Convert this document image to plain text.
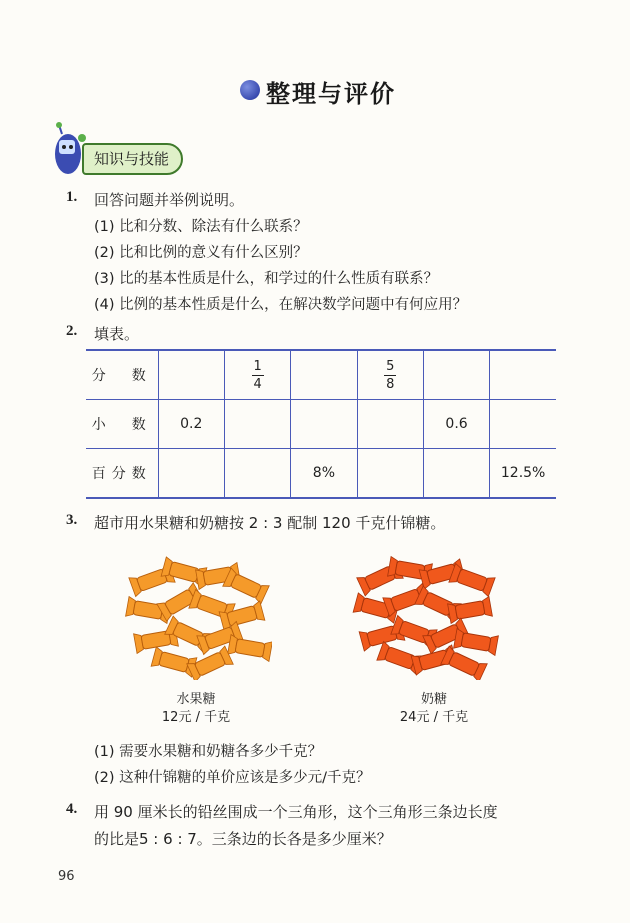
整理与评价
知识与技能
1. 回答问题并举例说明。
(1) 比和分数、除法有什么联系？
(2) 比和比例的意义有什么区别？
(3) 比的基本性质是什么，和学过的什么性质有联系？
(4) 比例的基本性质是什么，在解决数学问题中有何应用？
2. 填表。
分　数		$\frac{1}{4}$		$\frac{5}{8}$

小　数	0.2				0.6	
百分数			8%			12.5%
3. 超市用水果糖和奶糖按 2 : 3 配制 120 千克什锦糖。
水果糖
12元 / 千克
奶糖
24元 / 千克
(1) 需要水果糖和奶糖各多少千克？
(2) 这种什锦糖的单价应该是多少元/千克？
4. 用 90 厘米长的铅丝围成一个三角形，这个三角形三条边长度
的比是5 : 6 : 7。三条边的长各是多少厘米？
96
